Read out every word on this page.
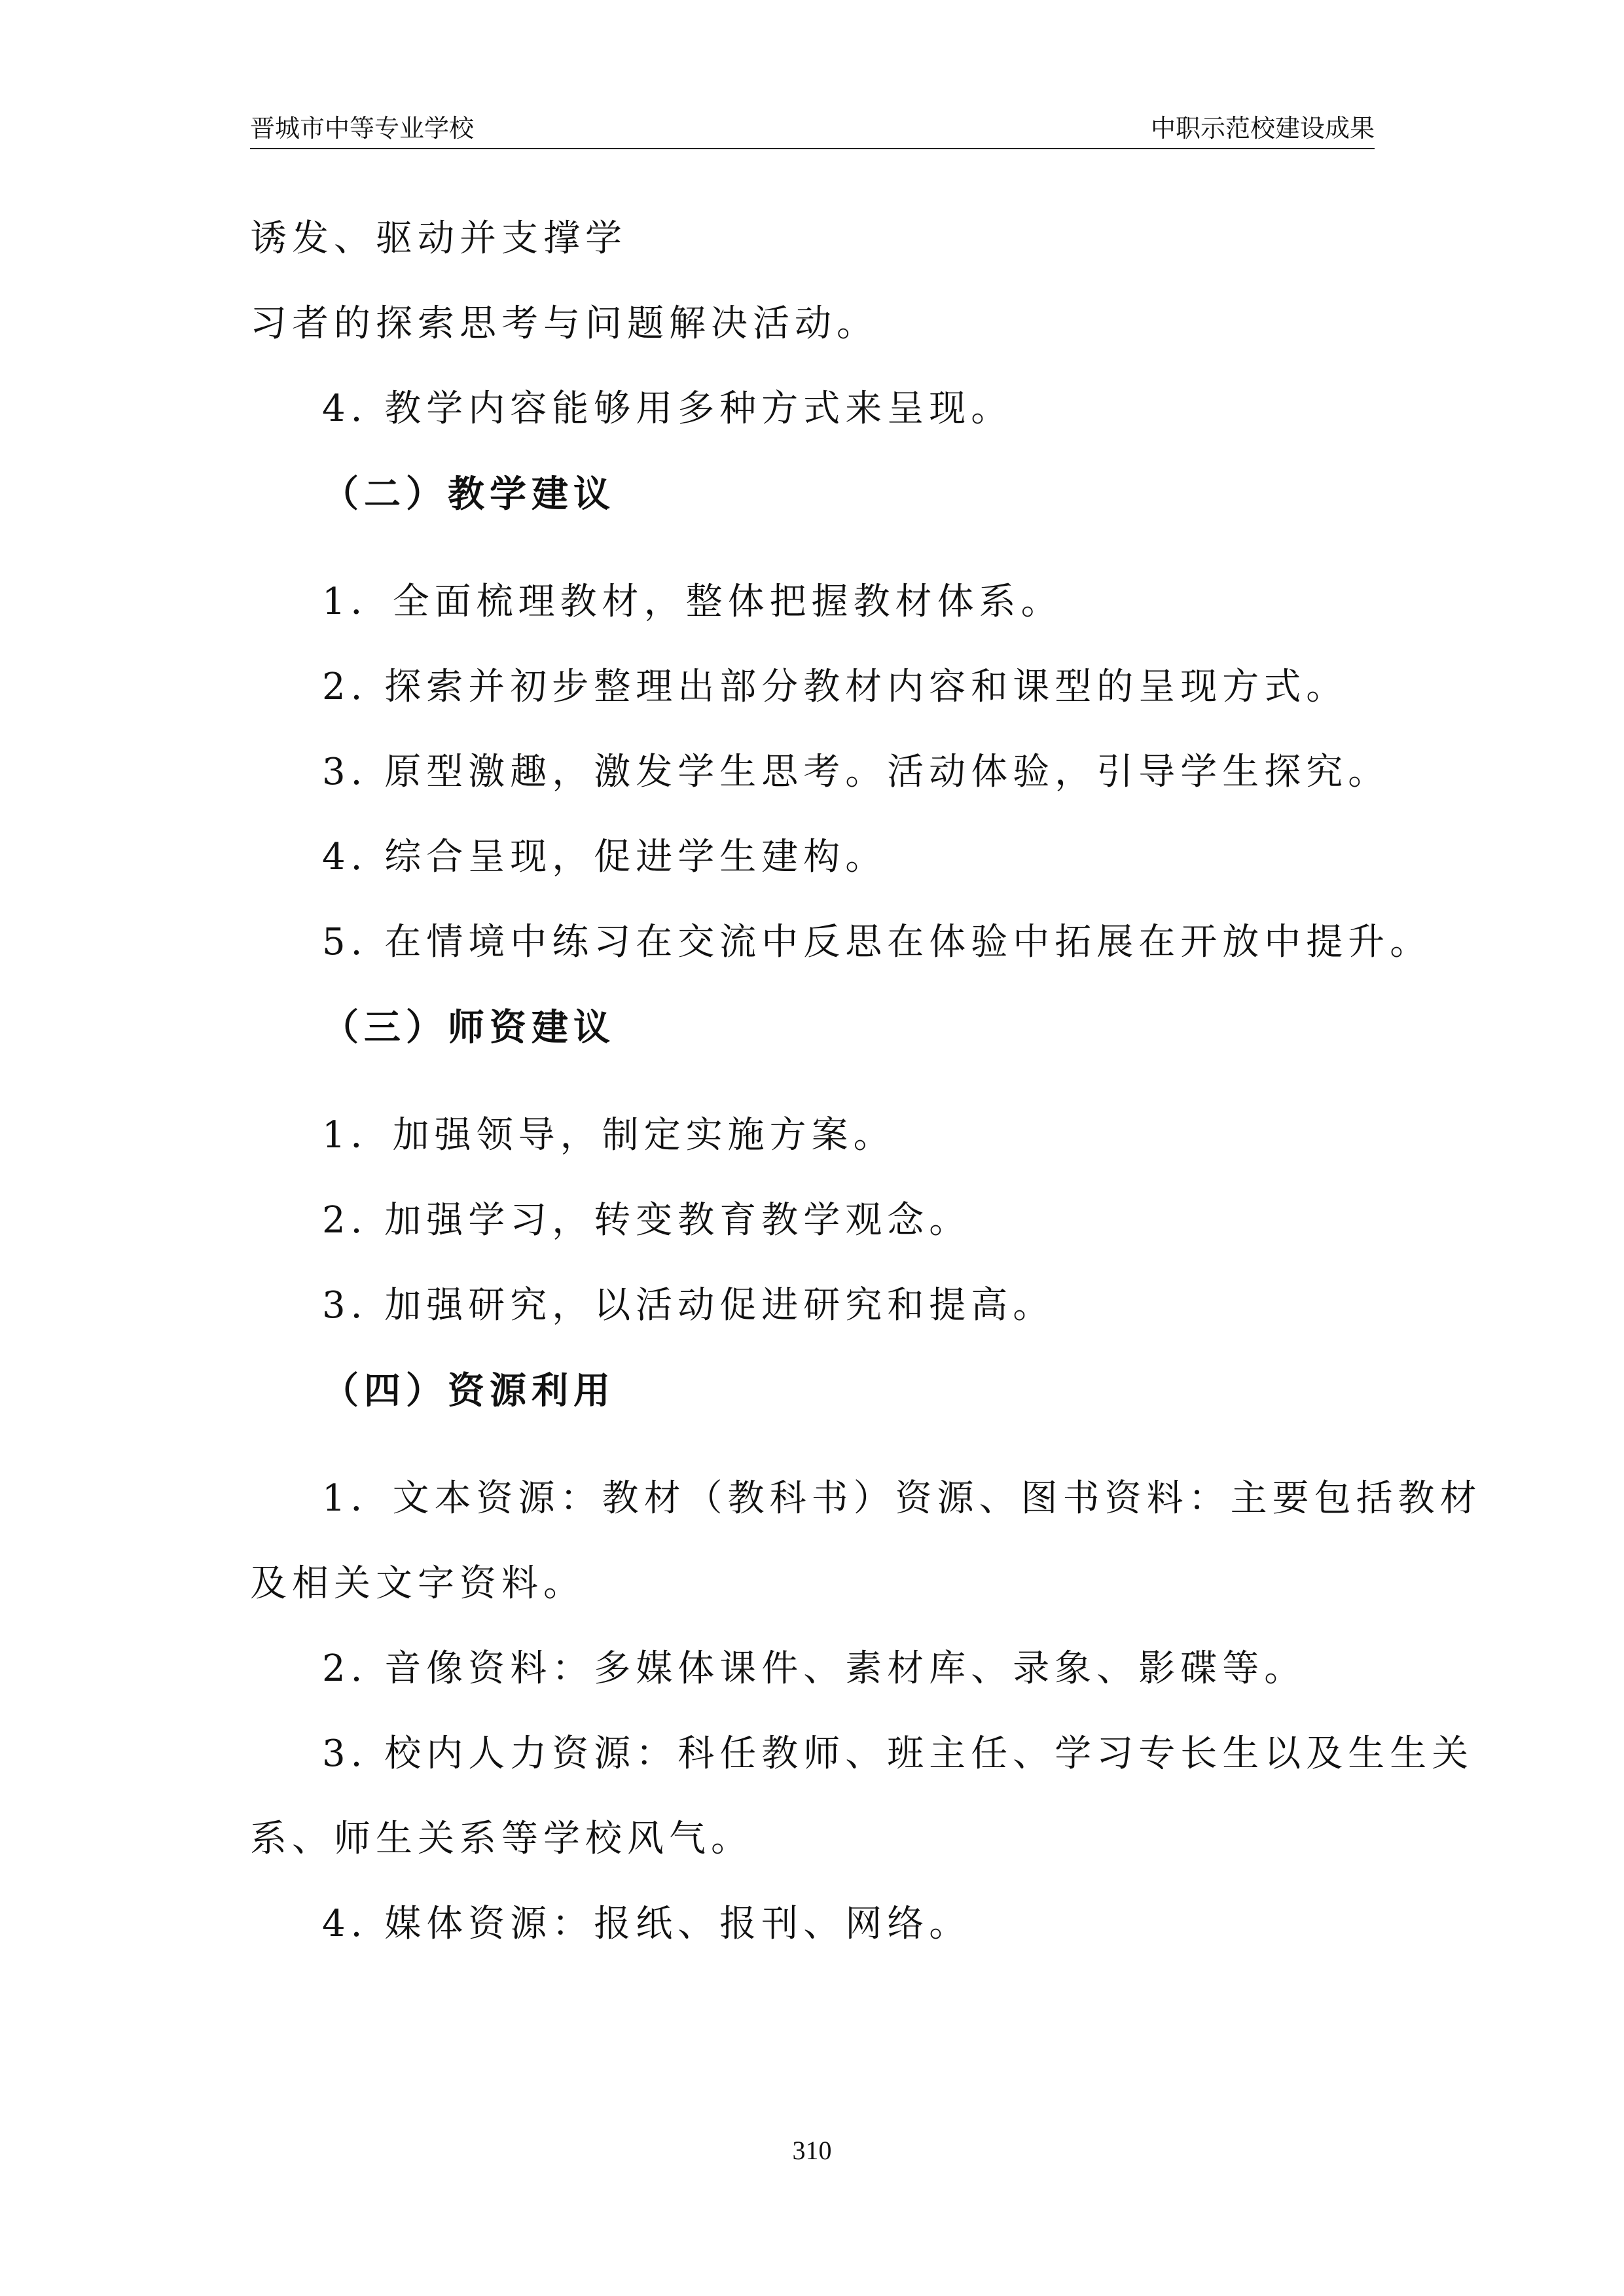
晋城市中等专业学校	中职示范校建设成果
诱发、驱动并支撑学
习者的探索思考与问题解决活动。
4. 教学内容能够用多种方式来呈现。
（二）教学建议
1．全面梳理教材，整体把握教材体系。
2. 探索并初步整理出部分教材内容和课型的呈现方式。
3. 原型激趣，激发学生思考。活动体验，引导学生探究。
4. 综合呈现，促进学生建构。
5. 在情境中练习在交流中反思在体验中拓展在开放中提升。
（三）师资建议
1．加强领导，制定实施方案。
2. 加强学习，转变教育教学观念。
3. 加强研究，以活动促进研究和提高。
（四）资源利用
1．文本资源：教材（教科书）资源、图书资料：主要包括教材
及相关文字资料。
2. 音像资料：多媒体课件、素材库、录象、影碟等。
3. 校内人力资源：科任教师、班主任、学习专长生以及生生关
系、师生关系等学校风气。
4. 媒体资源：报纸、报刊、网络。
310
